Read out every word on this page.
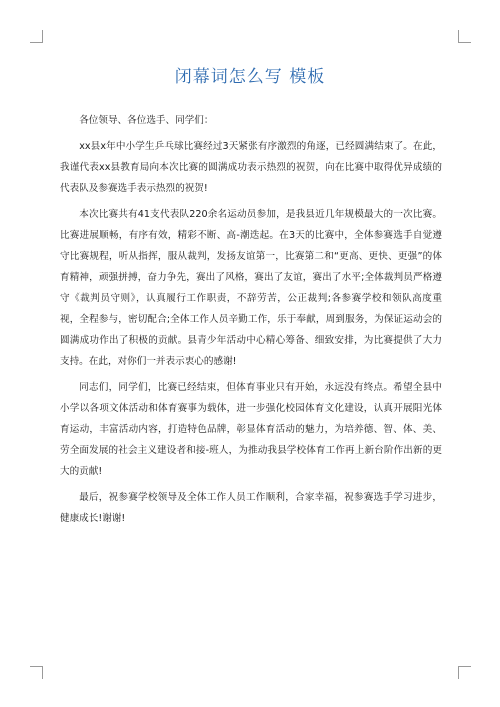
闭幕词怎么写 模板

各位领导、各位选手、同学们：

xx县x年中小学生乒乓球比赛经过3天紧张有序激烈的角逐，已经圆满结束了。在此，我谨代表xx县教育局向本次比赛的圆满成功表示热烈的祝贺，向在比赛中取得优异成绩的代表队及参赛选手表示热烈的祝贺!

本次比赛共有41支代表队220余名运动员参加，是我县近几年规模最大的一次比赛。比赛进展顺畅，有序有效，精彩不断、高-潮迭起。在3天的比赛中，全体参赛选手自觉遵守比赛规程，听从指挥，服从裁判，发扬友谊第一，比赛第二和“更高、更快、更强”的体育精神，顽强拼搏，奋力争先，赛出了风格，赛出了友谊，赛出了水平;全体裁判员严格遵守《裁判员守则》，认真履行工作职责，不辞劳苦，公正裁判;各参赛学校和领队高度重视，全程参与，密切配合;全体工作人员辛勤工作，乐于奉献，周到服务，为保证运动会的圆满成功作出了积极的贡献。县青少年活动中心精心筹备、细致安排，为比赛提供了大力支持。在此，对你们一并表示衷心的感谢!

同志们，同学们，比赛已经结束，但体育事业只有开始，永远没有终点。希望全县中小学以各项文体活动和体育赛事为载体，进一步强化校园体育文化建设，认真开展阳光体育运动，丰富活动内容，打造特色品牌，彰显体育活动的魅力，为培养德、智、体、美、劳全面发展的社会主义建设者和接-班人，为推动我县学校体育工作再上新台阶作出新的更大的贡献!

最后，祝参赛学校领导及全体工作人员工作顺利，合家幸福，祝参赛选手学习进步，健康成长!谢谢!
